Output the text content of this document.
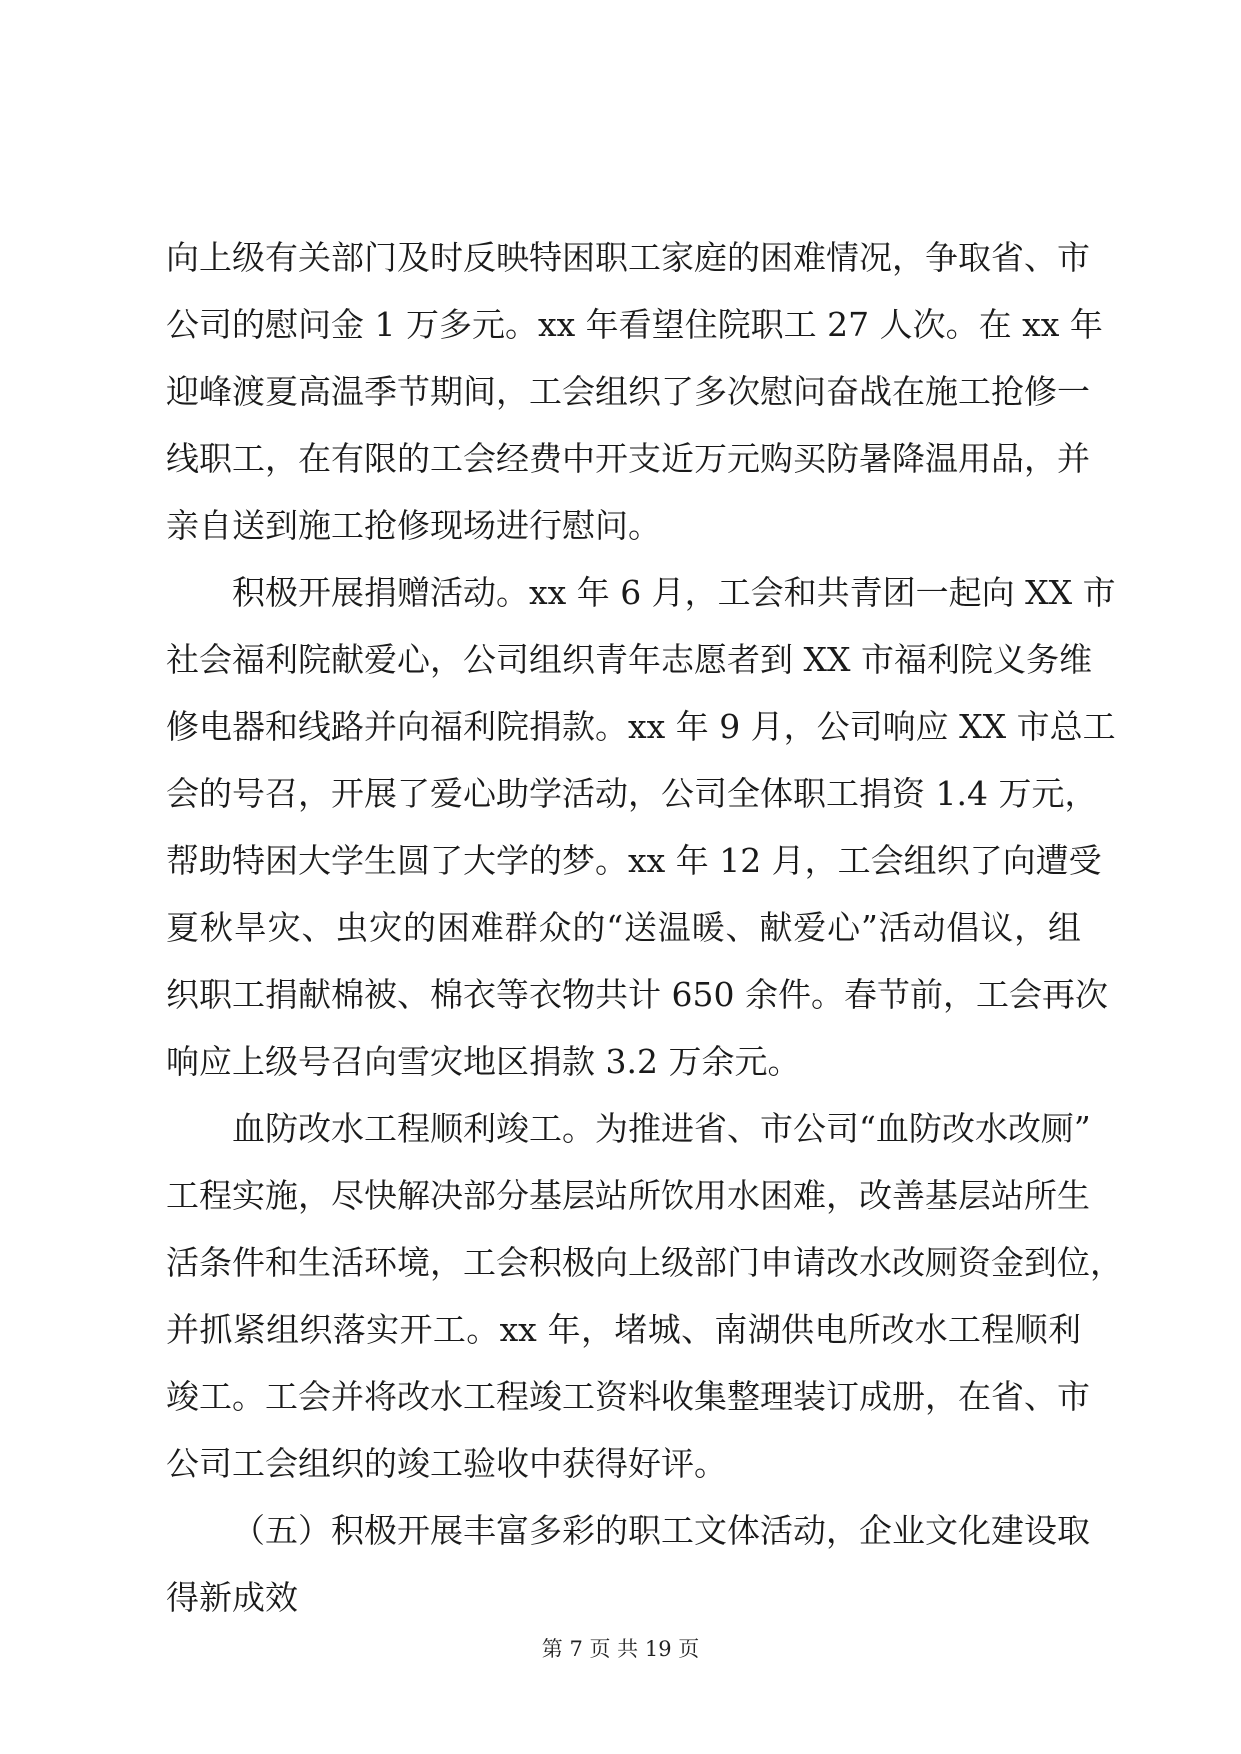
向上级有关部门及时反映特困职工家庭的困难情况，争取省、市
公司的慰问金 1 万多元。xx 年看望住院职工 27 人次。在 xx 年
迎峰渡夏高温季节期间，工会组织了多次慰问奋战在施工抢修一
线职工，在有限的工会经费中开支近万元购买防暑降温用品，并
亲自送到施工抢修现场进行慰问。
积极开展捐赠活动。xx 年 6 月，工会和共青团一起向 XX 市
社会福利院献爱心，公司组织青年志愿者到 XX 市福利院义务维
修电器和线路并向福利院捐款。xx 年 9 月，公司响应 XX 市总工
会的号召，开展了爱心助学活动，公司全体职工捐资 1.4 万元，
帮助特困大学生圆了大学的梦。xx 年 12 月，工会组织了向遭受
夏秋旱灾、虫灾的困难群众的“送温暖、献爱心”活动倡议，组
织职工捐献棉被、棉衣等衣物共计 650 余件。春节前，工会再次
响应上级号召向雪灾地区捐款 3.2 万余元。
血防改水工程顺利竣工。为推进省、市公司“血防改水改厕”
工程实施，尽快解决部分基层站所饮用水困难，改善基层站所生
活条件和生活环境，工会积极向上级部门申请改水改厕资金到位，
并抓紧组织落实开工。xx 年，堵城、南湖供电所改水工程顺利
竣工。工会并将改水工程竣工资料收集整理装订成册，在省、市
公司工会组织的竣工验收中获得好评。
（五）积极开展丰富多彩的职工文体活动，企业文化建设取
得新成效
第 7 页 共 19 页
